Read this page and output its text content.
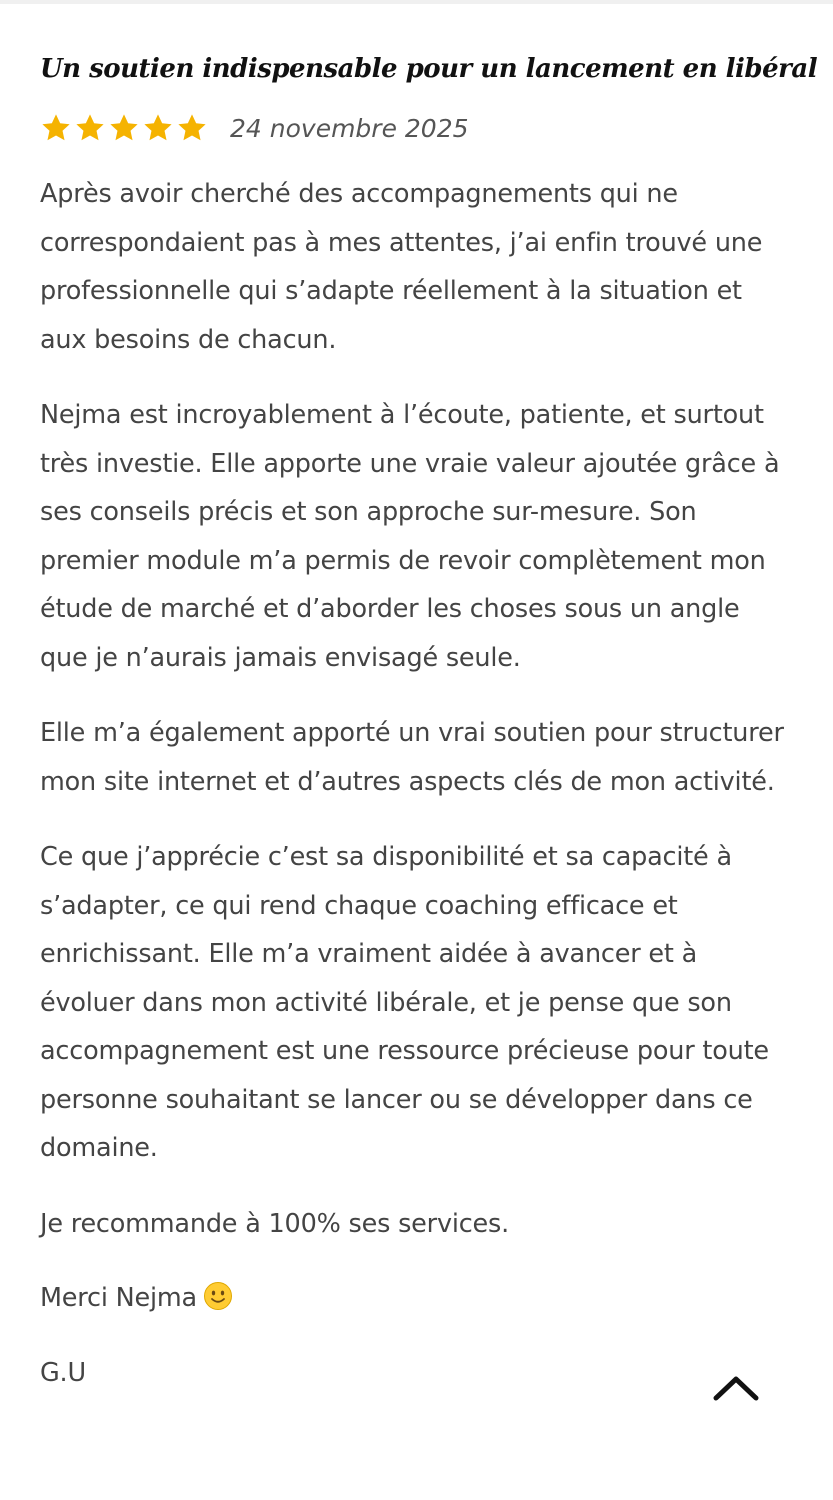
Un soutien indispensable pour un lancement en libéral
24 novembre 2025

Après avoir cherché des accompagnements qui ne correspondaient pas à mes attentes, j’ai enfin trouvé une professionnelle qui s’adapte réellement à la situation et aux besoins de chacun.

Nejma est incroyablement à l’écoute, patiente, et surtout très investie. Elle apporte une vraie valeur ajoutée grâce à ses conseils précis et son approche sur-mesure. Son premier module m’a permis de revoir complètement mon étude de marché et d’aborder les choses sous un angle que je n’aurais jamais envisagé seule.

Elle m’a également apporté un vrai soutien pour structurer mon site internet et d’autres aspects clés de mon activité.

Ce que j’apprécie c’est sa disponibilité et sa capacité à s’adapter, ce qui rend chaque coaching efficace et enrichissant. Elle m’a vraiment aidée à avancer et à évoluer dans mon activité libérale, et je pense que son accompagnement est une ressource précieuse pour toute personne souhaitant se lancer ou se développer dans ce domaine.

Je recommande à 100% ses services.

Merci Nejma

G.U
